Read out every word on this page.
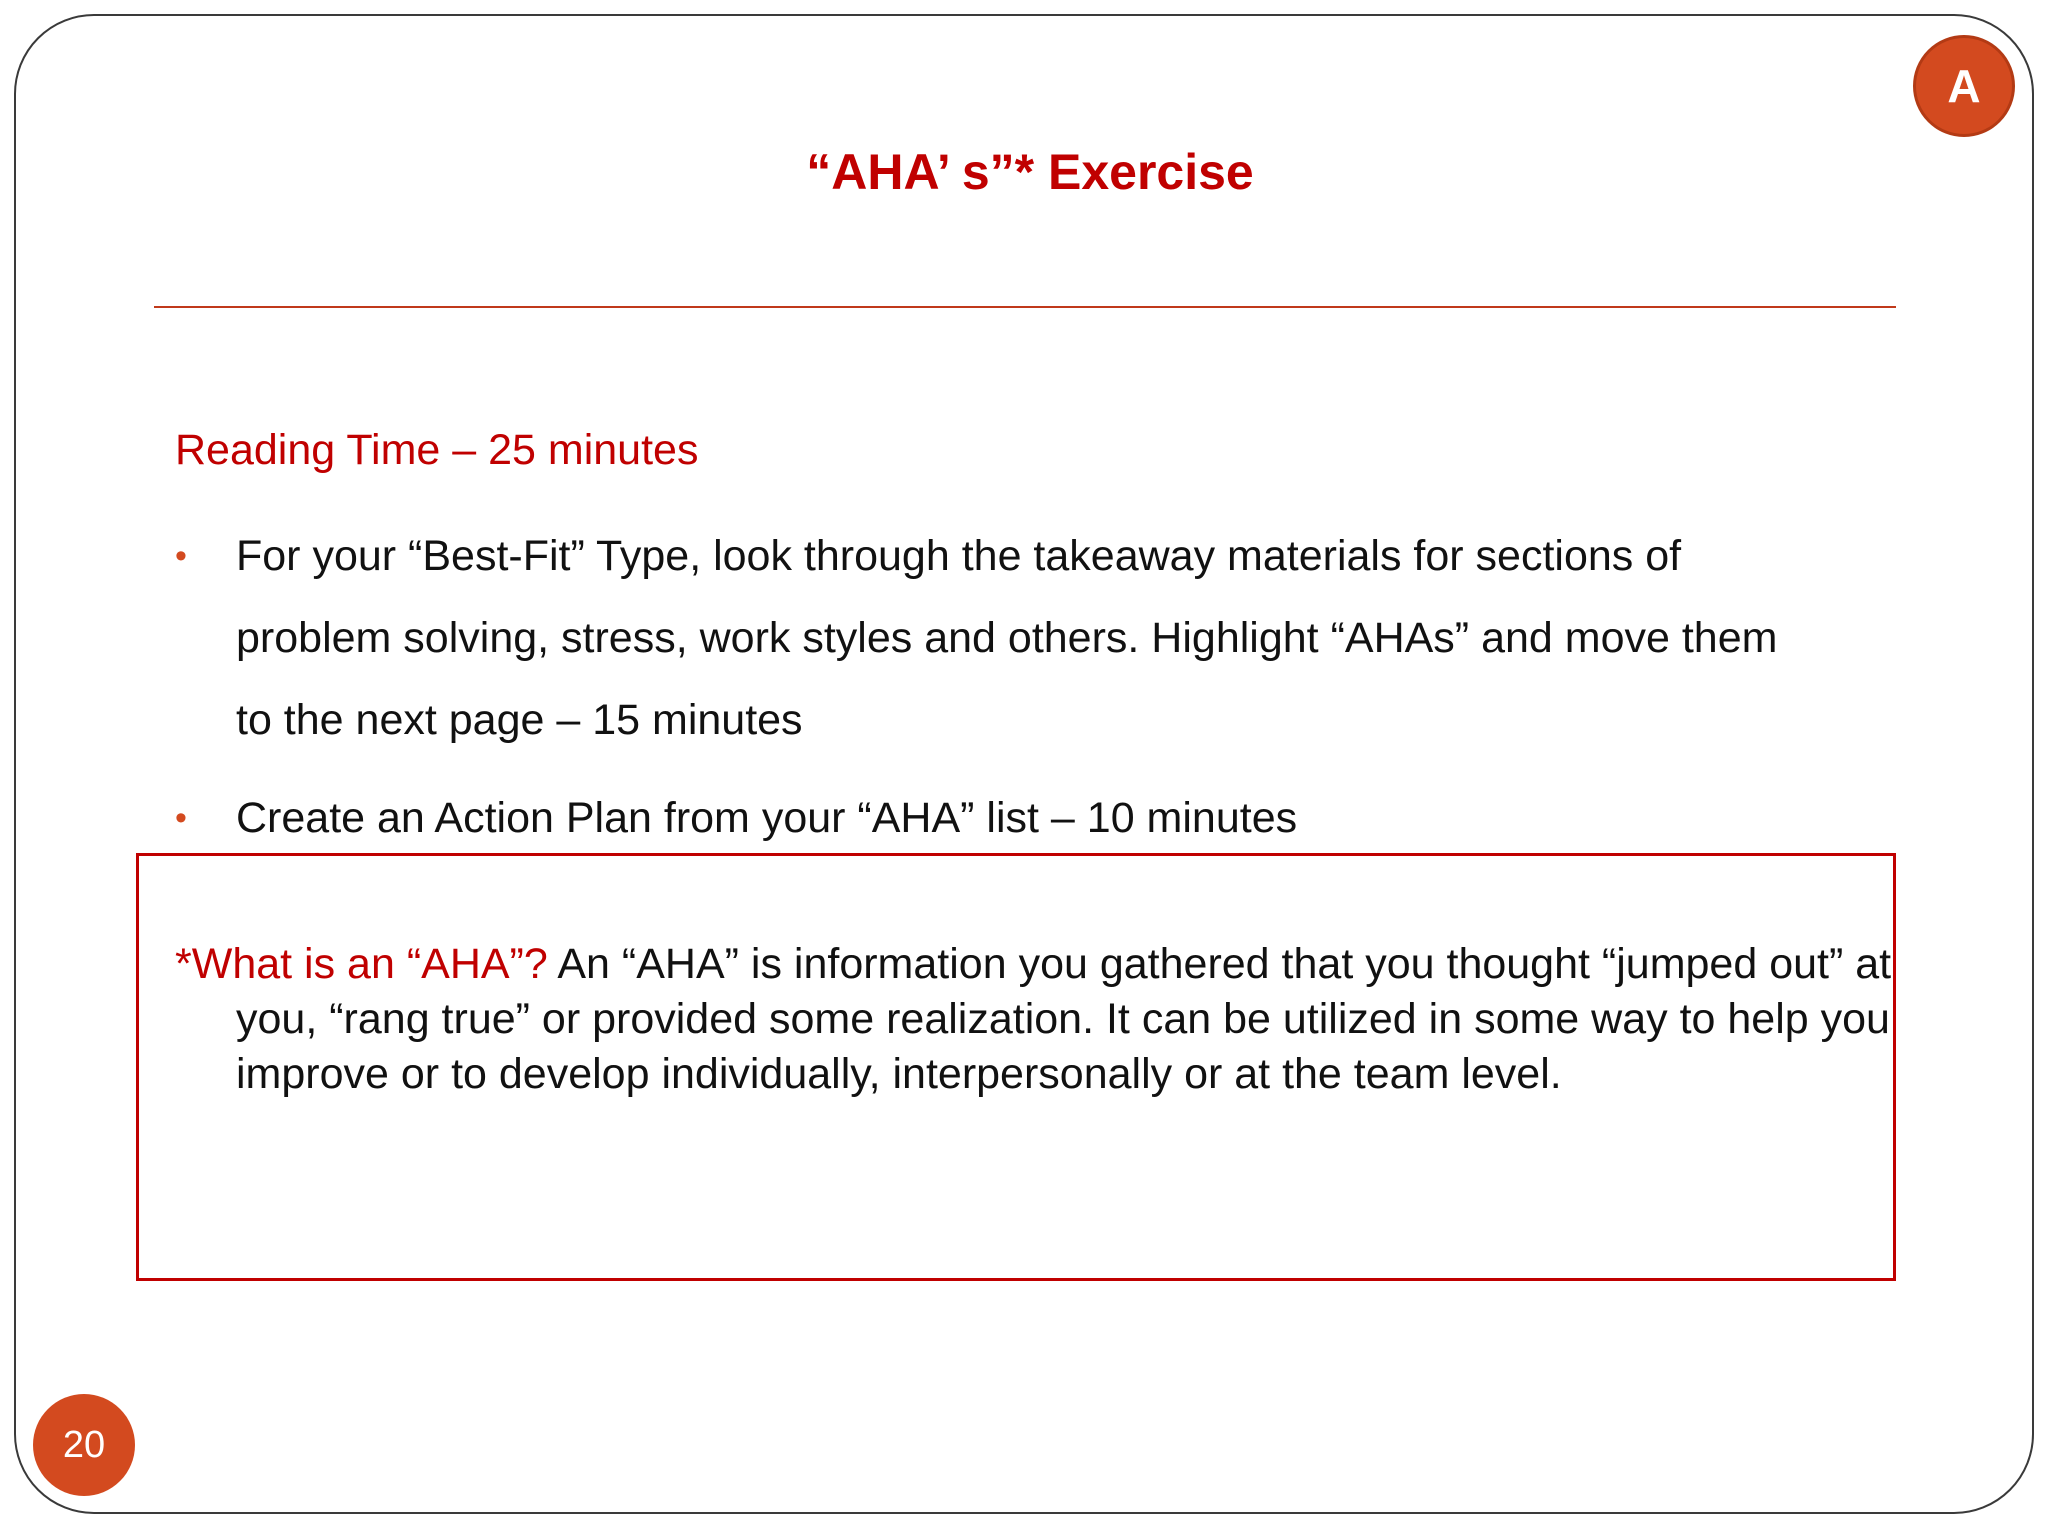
A
“AHA’ s”* Exercise

Reading Time – 25 minutes

• For your “Best-Fit” Type, look through the takeaway materials for sections of problem solving, stress, work styles and others. Highlight “AHAs” and move them to the next page – 15 minutes
• Create an Action Plan from your “AHA” list – 10 minutes

*What is an “AHA”? An “AHA” is information you gathered that you thought “jumped out” at you, “rang true” or provided some realization. It can be utilized in some way to help you improve or to develop individually, interpersonally or at the team level.

20
